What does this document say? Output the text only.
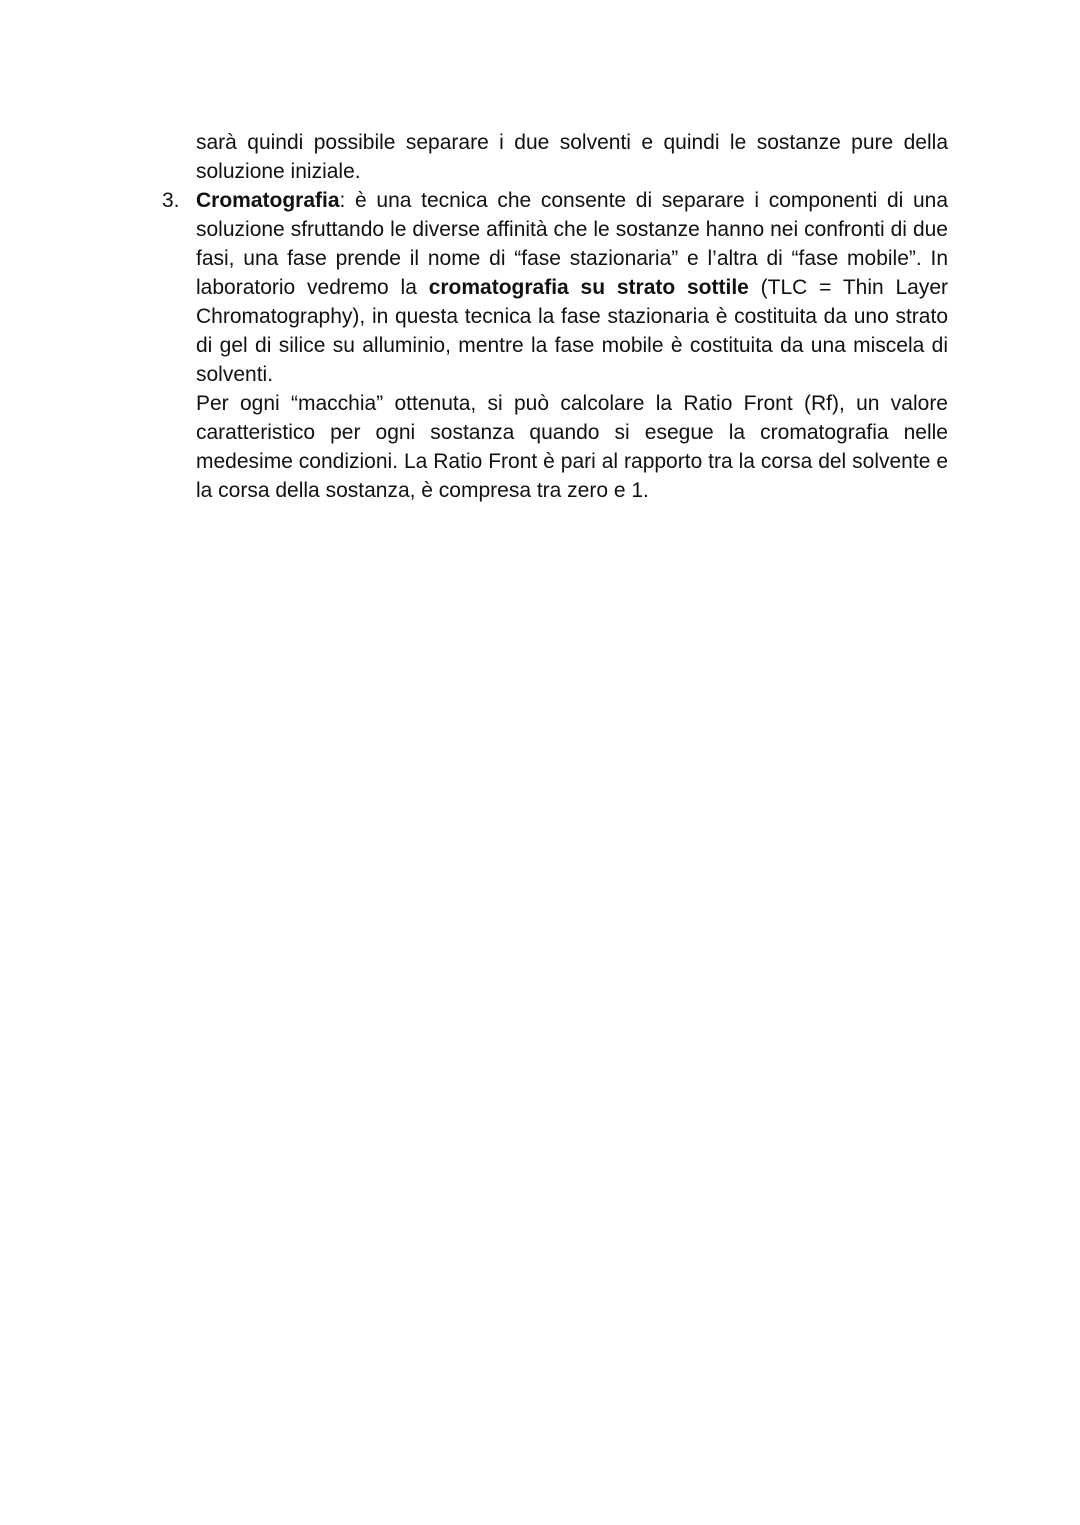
sarà quindi possibile separare i due solventi e quindi le sostanze pure della soluzione iniziale.

3. Cromatografia: è una tecnica che consente di separare i componenti di una soluzione sfruttando le diverse affinità che le sostanze hanno nei confronti di due fasi, una fase prende il nome di “fase stazionaria” e l’altra di “fase mobile”. In laboratorio vedremo la cromatografia su strato sottile (TLC = Thin Layer Chromatography), in questa tecnica la fase stazionaria è costituita da uno strato di gel di silice su alluminio, mentre la fase mobile è costituita da una miscela di solventi.

Per ogni “macchia” ottenuta, si può calcolare la Ratio Front (Rf), un valore caratteristico per ogni sostanza quando si esegue la cromatografia nelle medesime condizioni. La Ratio Front è pari al rapporto tra la corsa del solvente e la corsa della sostanza, è compresa tra zero e 1.
